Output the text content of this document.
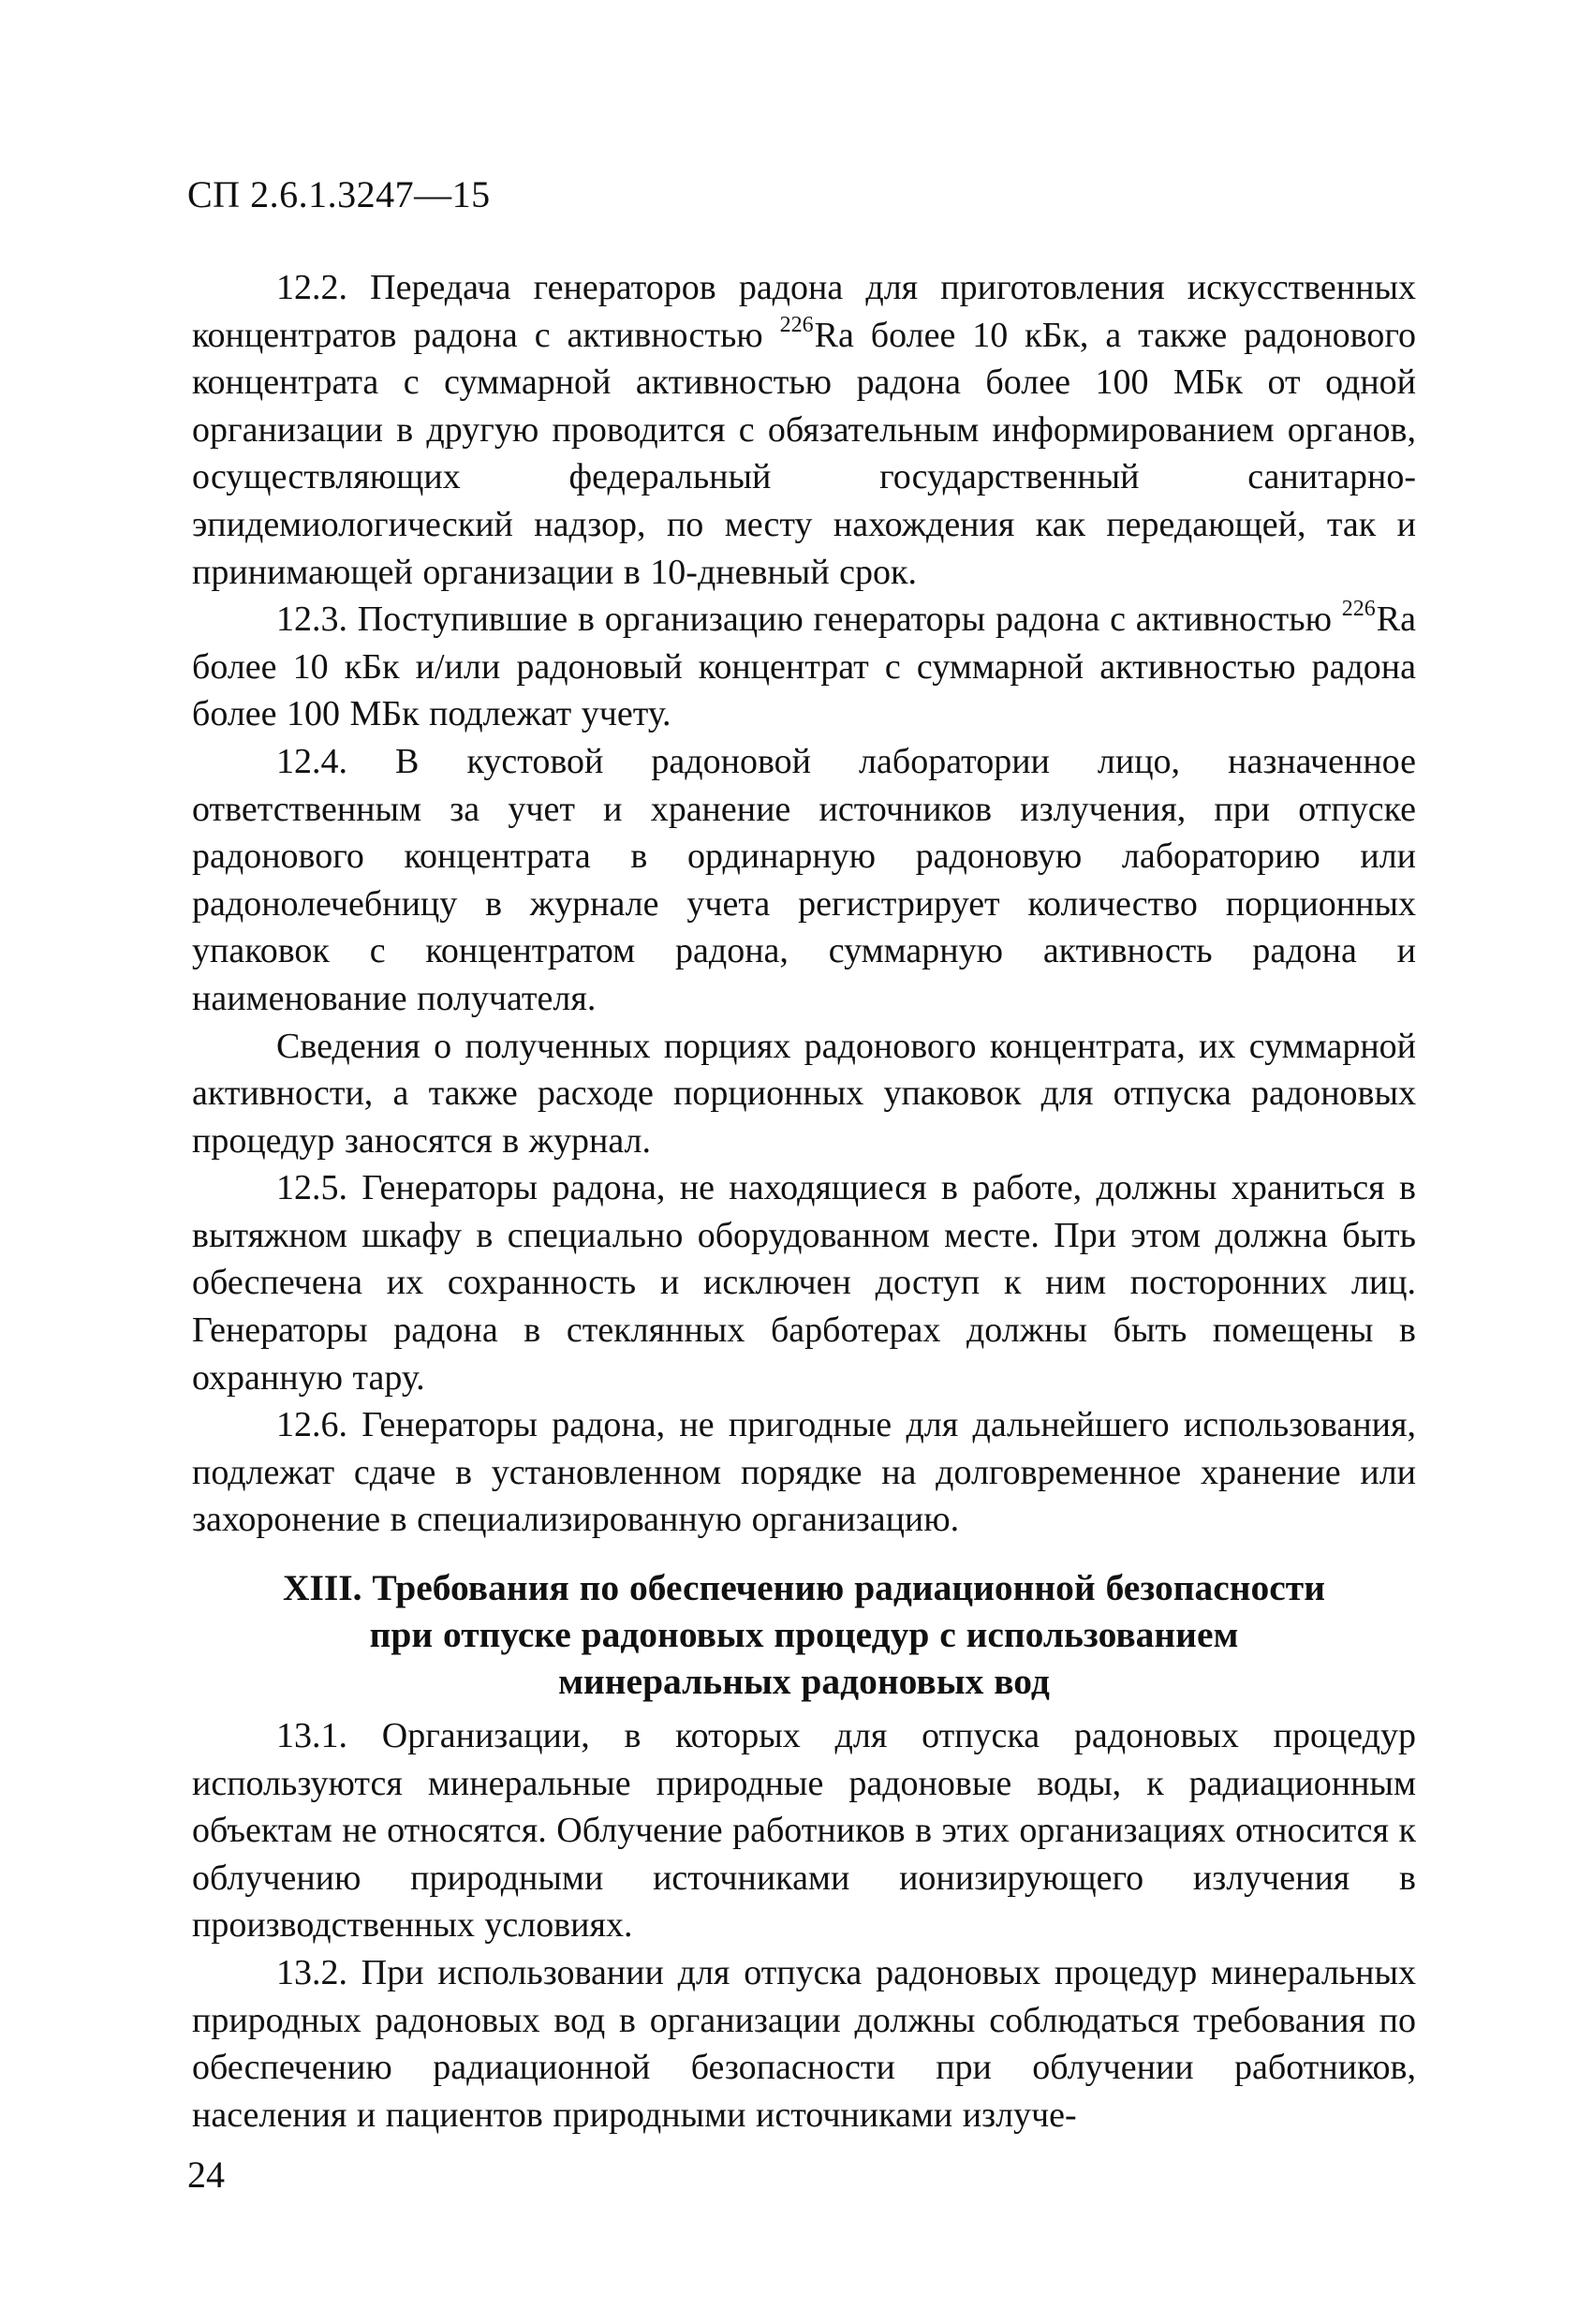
СП 2.6.1.3247—15

12.2. Передача генераторов радона для приготовления искусственных концентратов радона с активностью $^{226}$Ra более 10 кБк, а также радонового концентрата с суммарной активностью радона более 100 МБк от одной организации в другую проводится с обязательным информированием органов, осуществляющих федеральный государственный санитарно-эпидемиологический надзор, по месту нахождения как передающей, так и принимающей организации в 10-дневный срок.

12.3. Поступившие в организацию генераторы радона с активностью $^{226}$Ra более 10 кБк и/или радоновый концентрат с суммарной активностью радона более 100 МБк подлежат учету.

12.4. В кустовой радоновой лаборатории лицо, назначенное ответственным за учет и хранение источников излучения, при отпуске радонового концентрата в ординарную радоновую лабораторию или радонолечебницу в журнале учета регистрирует количество порционных упаковок с концентратом радона, суммарную активность радона и наименование получателя.

Сведения о полученных порциях радонового концентрата, их суммарной активности, а также расходе порционных упаковок для отпуска радоновых процедур заносятся в журнал.

12.5. Генераторы радона, не находящиеся в работе, должны храниться в вытяжном шкафу в специально оборудованном месте. При этом должна быть обеспечена их сохранность и исключен доступ к ним посторонних лиц. Генераторы радона в стеклянных барботерах должны быть помещены в охранную тару.

12.6. Генераторы радона, не пригодные для дальнейшего использования, подлежат сдаче в установленном порядке на долговременное хранение или захоронение в специализированную организацию.

XIII. Требования по обеспечению радиационной безопасности
при отпуске радоновых процедур с использованием
минеральных радоновых вод

13.1. Организации, в которых для отпуска радоновых процедур используются минеральные природные радоновые воды, к радиационным объектам не относятся. Облучение работников в этих организациях относится к облучению природными источниками ионизирующего излучения в производственных условиях.

13.2. При использовании для отпуска радоновых процедур минеральных природных радоновых вод в организации должны соблюдаться требования по обеспечению радиационной безопасности при облучении работников, населения и пациентов природными источниками излуче-

24
